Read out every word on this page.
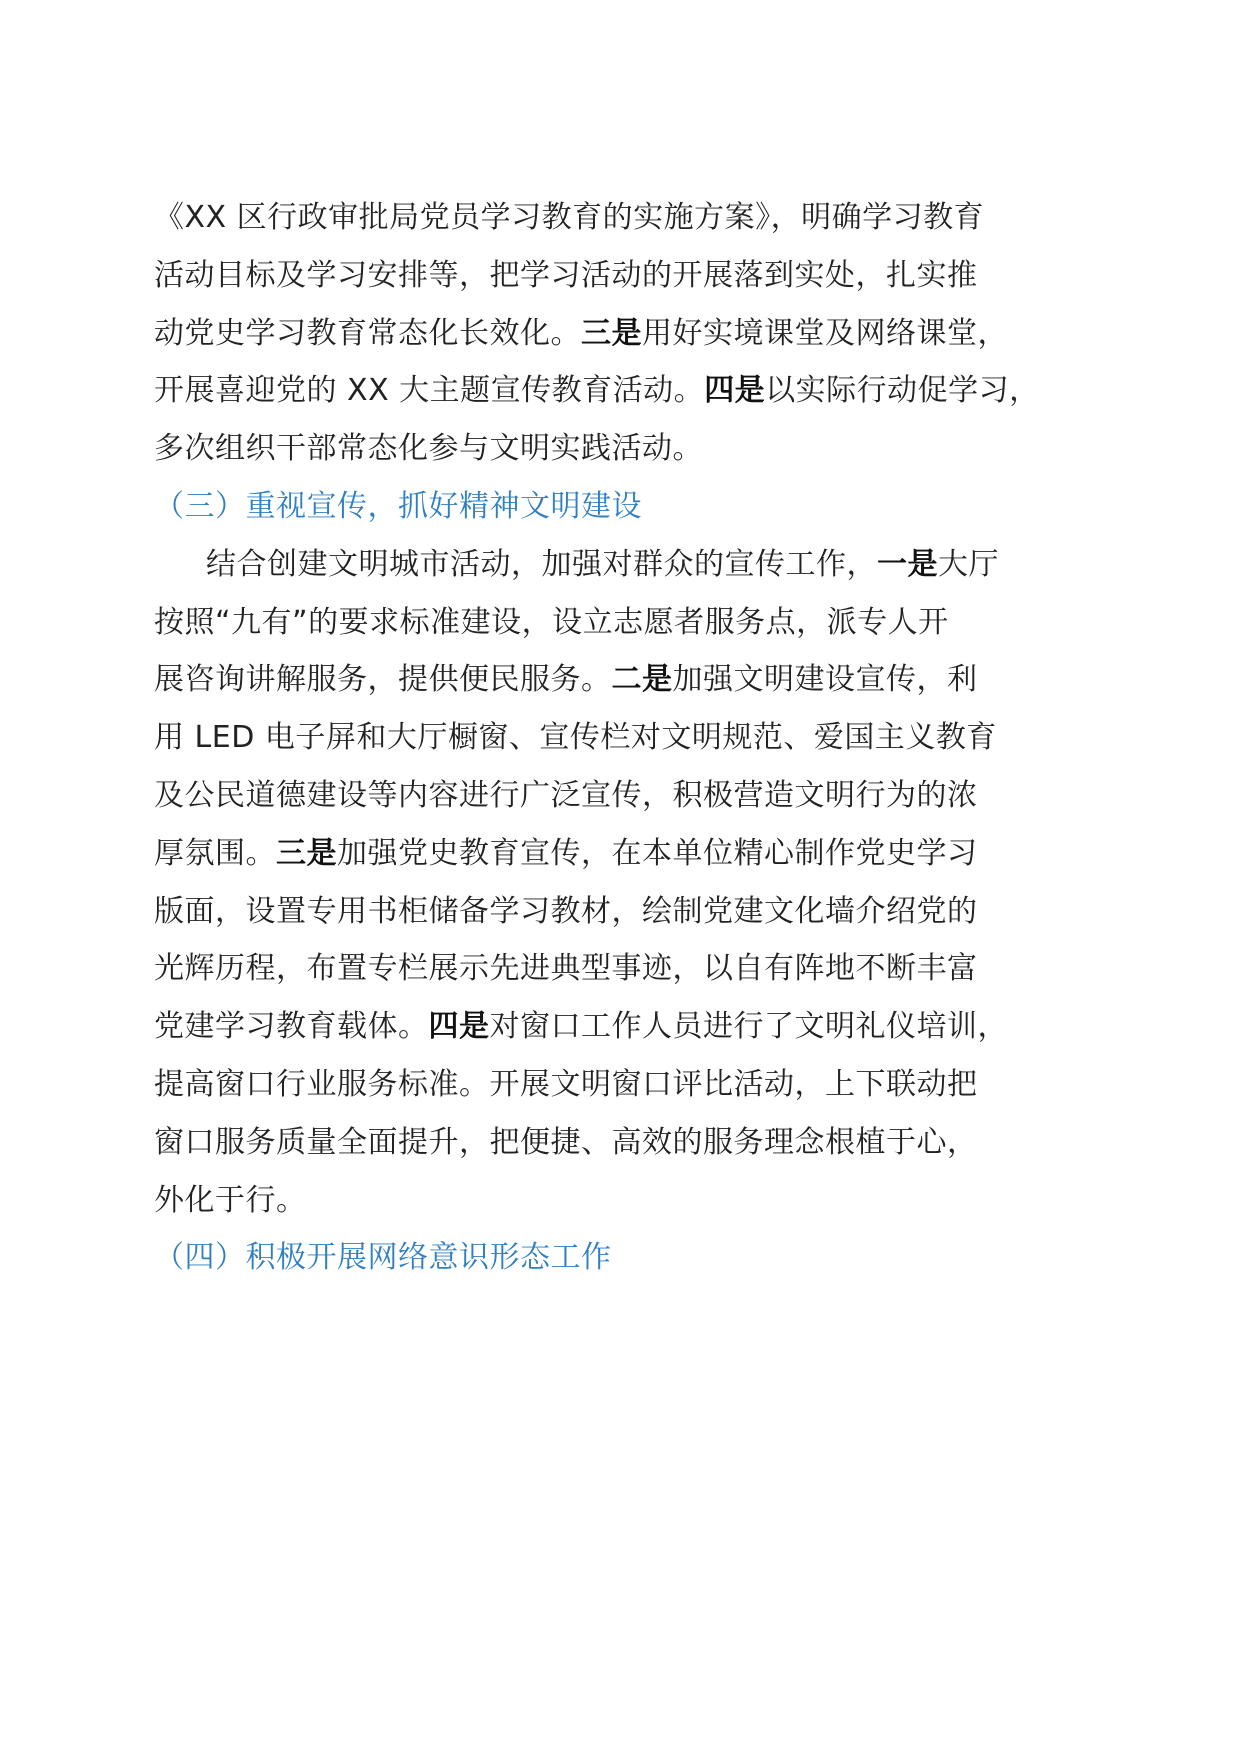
《XX 区行政审批局党员学习教育的实施方案》，明确学习教育
活动目标及学习安排等，把学习活动的开展落到实处，扎实推
动党史学习教育常态化长效化。三是用好实境课堂及网络课堂，
开展喜迎党的 XX 大主题宣传教育活动。四是以实际行动促学习，
多次组织干部常态化参与文明实践活动。
（三）重视宣传，抓好精神文明建设
结合创建文明城市活动，加强对群众的宣传工作，一是大厅
按照“九有”的要求标准建设，设立志愿者服务点，派专人开
展咨询讲解服务，提供便民服务。二是加强文明建设宣传，利
用 LED 电子屏和大厅橱窗、宣传栏对文明规范、爱国主义教育
及公民道德建设等内容进行广泛宣传，积极营造文明行为的浓
厚氛围。三是加强党史教育宣传，在本单位精心制作党史学习
版面，设置专用书柜储备学习教材，绘制党建文化墙介绍党的
光辉历程，布置专栏展示先进典型事迹，以自有阵地不断丰富
党建学习教育载体。四是对窗口工作人员进行了文明礼仪培训，
提高窗口行业服务标准。开展文明窗口评比活动，上下联动把
窗口服务质量全面提升，把便捷、高效的服务理念根植于心，
外化于行。
（四）积极开展网络意识形态工作
